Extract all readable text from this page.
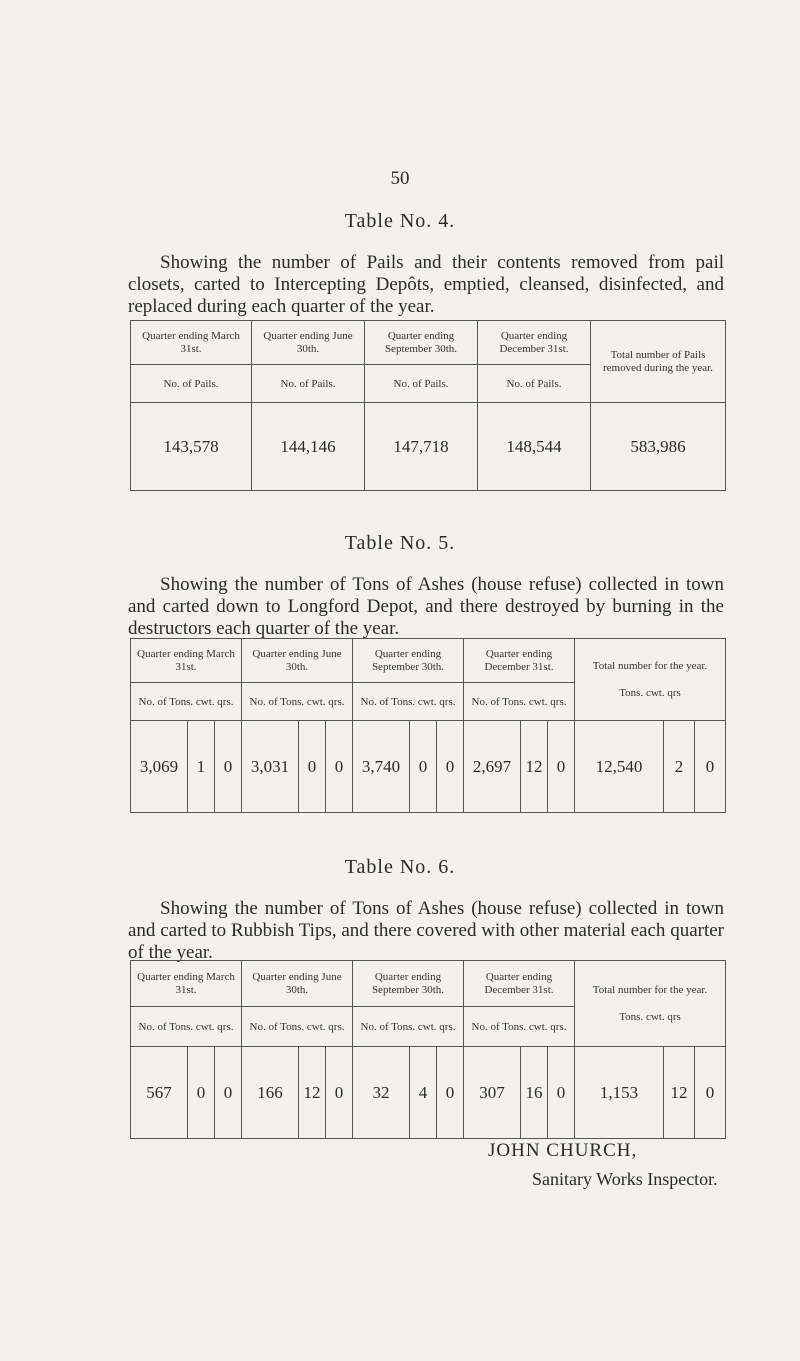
50
Table No. 4.

Showing the number of Pails and their contents removed from pail closets, carted to Intercepting Depôts, emptied, cleansed, disinfected, and replaced during each quarter of the year.

Quarter ending March 31st.	Quarter ending June 30th.	Quarter ending September 30th.	Quarter ending December 31st.	Total number of Pails removed during the year.
No. of Pails.	No. of Pails.	No. of Pails.	No. of Pails.	
143,578	144,146	147,718	148,544	583,986
Table No. 5.

Showing the number of Tons of Ashes (house refuse) collected in town and carted down to Longford Depot, and there destroyed by burning in the destructors each quarter of the year.

Quarter ending March 31st.			Quarter ending June 30th.			Quarter ending September 30th.			Quarter ending December 31st.			Total number for the year.
Tons. cwt. qrs		

No. of Tons. cwt. qrs.			No. of Tons. cwt. qrs.			No. of Tons. cwt. qrs.			No. of Tons. cwt. qrs.					
3,069	1	0	3,031	0	0	3,740	0	0	2,697	12	0	12,540	2	0
Table No. 6.

Showing the number of Tons of Ashes (house refuse) collected in town and carted to Rubbish Tips, and there covered with other material each quarter of the year.

Quarter ending March 31st.			Quarter ending June 30th.			Quarter ending September 30th.			Quarter ending December 31st.			Total number for the year.
Tons. cwt. qrs		

No. of Tons. cwt. qrs.			No. of Tons. cwt. qrs.			No. of Tons. cwt. qrs.			No. of Tons. cwt. qrs.					
567	0	0	166	12	0	32	4	0	307	16	0	1,153	12	0
JOHN CHURCH,
Sanitary Works Inspector.
